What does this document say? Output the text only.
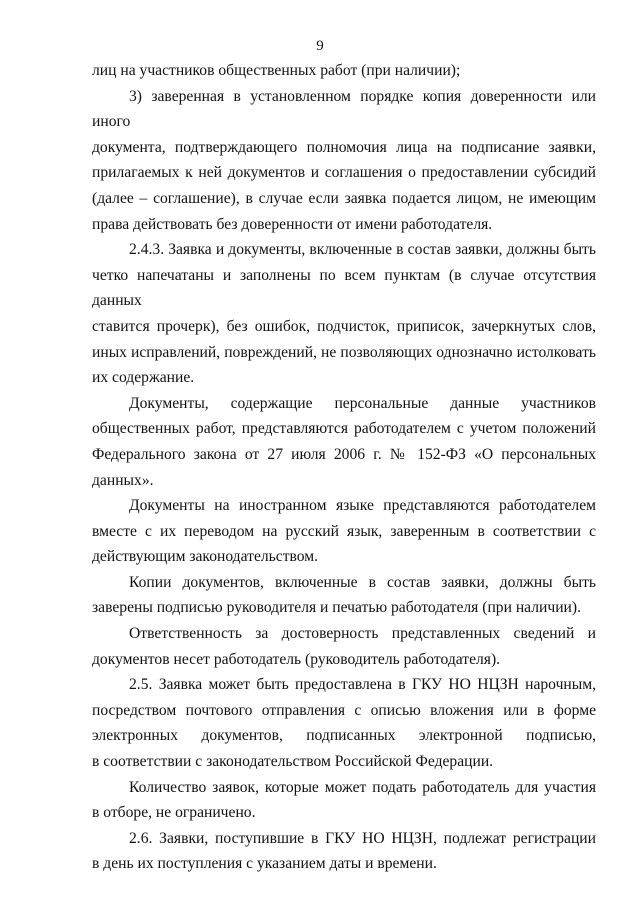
9
лиц на участников общественных работ (при наличии);
3) заверенная в установленном порядке копия доверенности или иного
документа, подтверждающего полномочия лица на подписание заявки,
прилагаемых к ней документов и соглашения о предоставлении субсидий
(далее – соглашение), в случае если заявка подается лицом, не имеющим
права действовать без доверенности от имени работодателя.
2.4.3. Заявка и документы, включенные в состав заявки, должны быть
четко напечатаны и заполнены по всем пунктам (в случае отсутствия данных
ставится прочерк), без ошибок, подчисток, приписок, зачеркнутых слов,
иных исправлений, повреждений, не позволяющих однозначно истолковать
их содержание.
Документы, содержащие персональные данные участников
общественных работ, представляются работодателем с учетом положений
Федерального закона от 27 июля 2006 г. № 152-ФЗ «О персональных
данных».
Документы на иностранном языке представляются работодателем
вместе с их переводом на русский язык, заверенным в соответствии с
действующим законодательством.
Копии документов, включенные в состав заявки, должны быть
заверены подписью руководителя и печатью работодателя (при наличии).
Ответственность за достоверность представленных сведений и
документов несет работодатель (руководитель работодателя).
2.5. Заявка может быть предоставлена в ГКУ НО НЦЗН нарочным,
посредством почтового отправления с описью вложения или в форме
электронных документов, подписанных электронной подписью,
в соответствии с законодательством Российской Федерации.
Количество заявок, которые может подать работодатель для участия
в отборе, не ограничено.
2.6. Заявки, поступившие в ГКУ НО НЦЗН, подлежат регистрации
в день их поступления с указанием даты и времени.
